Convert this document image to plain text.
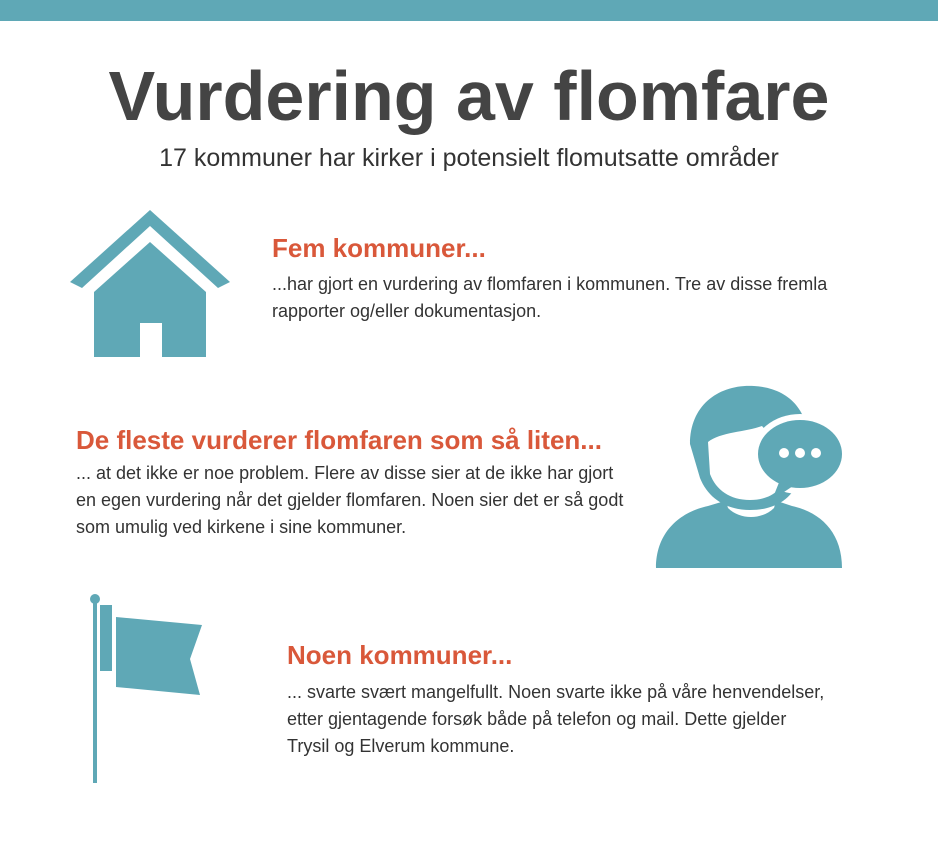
Vurdering av flomfare
17 kommuner har kirker i potensielt flomutsatte områder
Fem kommuner...

...har gjort en vurdering av flomfaren i kommunen. Tre av disse fremla rapporter og/eller dokumentasjon.

De fleste vurderer flomfaren som så liten...

... at det ikke er noe problem. Flere av disse sier at de ikke har gjort en egen vurdering når det gjelder flomfaren. Noen sier det er så godt som umulig ved kirkene i sine kommuner.

Noen kommuner...

... svarte svært mangelfullt. Noen svarte ikke på våre henvendelser, etter gjentagende forsøk både på telefon og mail. Dette gjelder Trysil og Elverum kommune.
